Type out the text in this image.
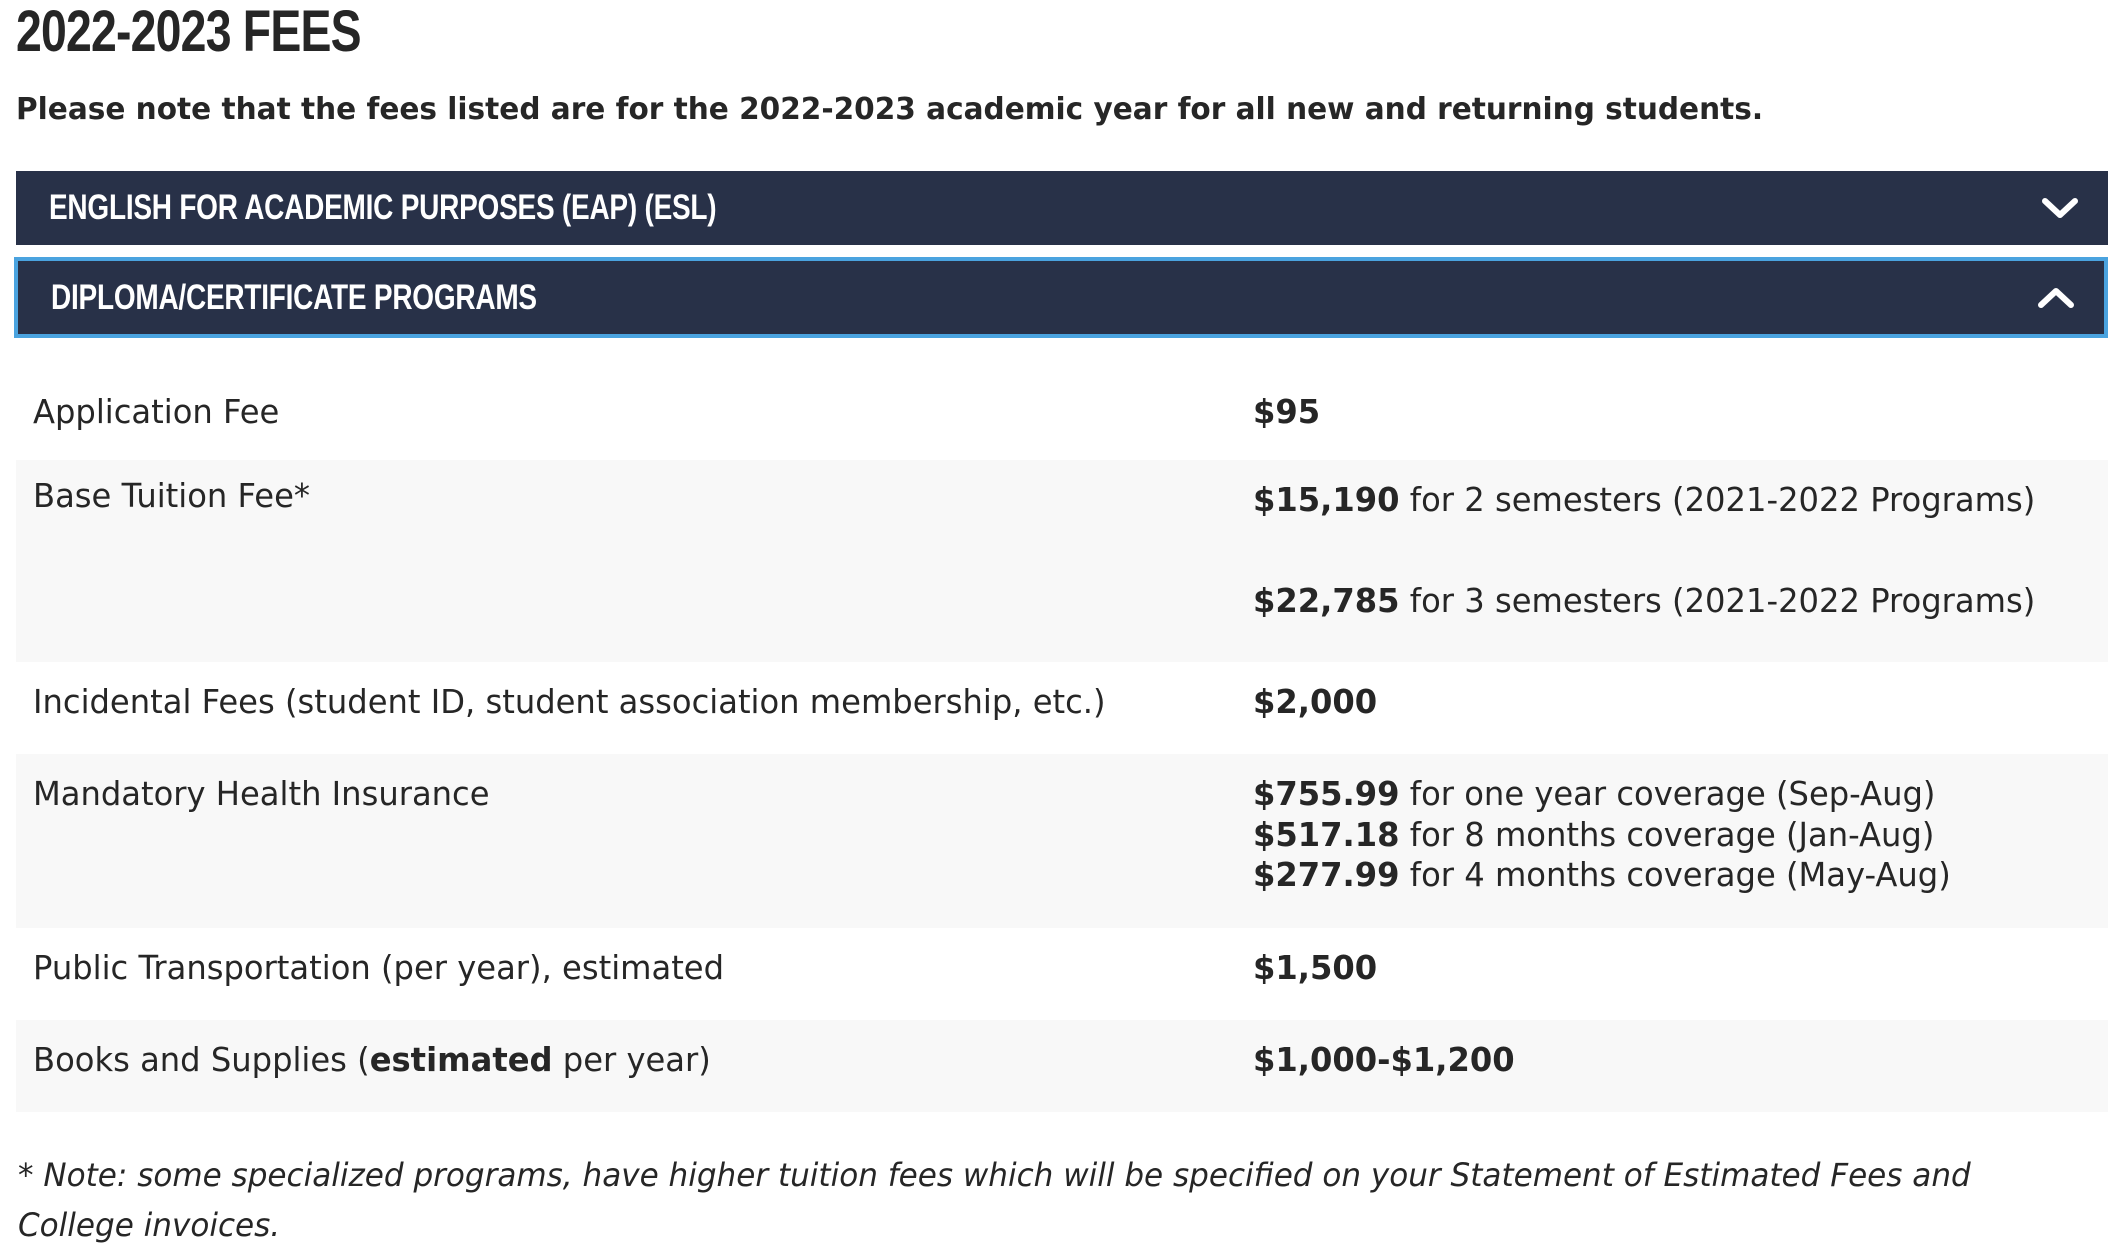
2022-2023 FEES
Please note that the fees listed are for the 2022-2023 academic year for all new and returning students.
ENGLISH FOR ACADEMIC PURPOSES (EAP) (ESL)
DIPLOMA/CERTIFICATE PROGRAMS
Application Fee	$95
Base Tuition Fee*	$15,190 for 2 semesters (2021-2022 Programs)
$22,785 for 3 semesters (2021-2022 Programs)
Incidental Fees (student ID, student association membership, etc.)	$2,000
Mandatory Health Insurance	$755.99 for one year coverage (Sep-Aug)
$517.18 for 8 months coverage (Jan-Aug)
$277.99 for 4 months coverage (May-Aug)
Public Transportation (per year), estimated	$1,500
Books and Supplies (estimated per year)	$1,000-$1,200
* Note: some specialized programs, have higher tuition fees which will be specified on your Statement of Estimated Fees and College invoices.
